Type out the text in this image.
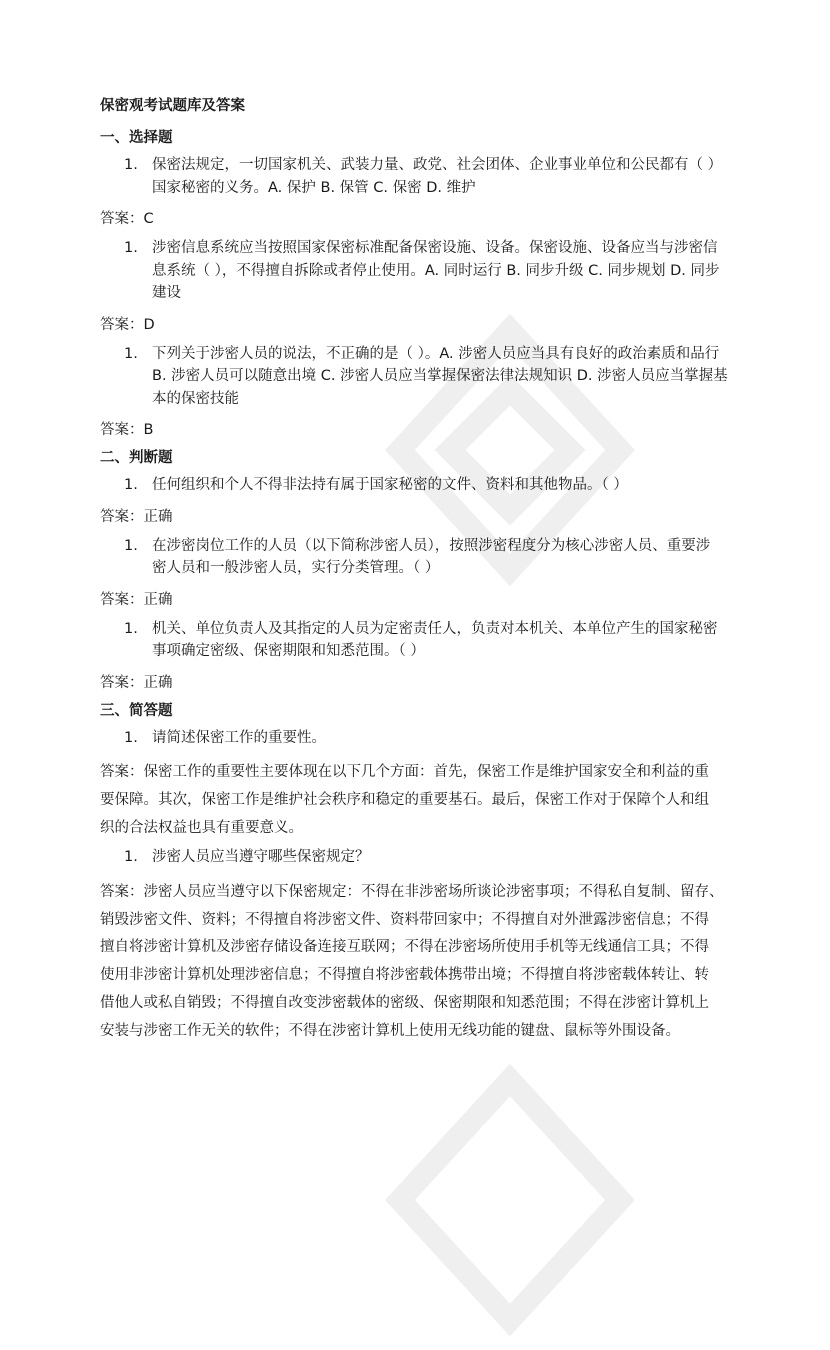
保密观考试题库及答案
一、选择题
1. 保密法规定，一切国家机关、武装力量、政党、社会团体、企业事业单位和公民都有（ ）
国家秘密的义务。A. 保护 B. 保管 C. 保密 D. 维护
答案：C
1. 涉密信息系统应当按照国家保密标准配备保密设施、设备。保密设施、设备应当与涉密信
息系统（ ），不得擅自拆除或者停止使用。A. 同时运行 B. 同步升级 C. 同步规划 D. 同步
建设
答案：D
1. 下列关于涉密人员的说法，不正确的是（ ）。A. 涉密人员应当具有良好的政治素质和品行
B. 涉密人员可以随意出境 C. 涉密人员应当掌握保密法律法规知识 D. 涉密人员应当掌握基
本的保密技能
答案：B
二、判断题
1. 任何组织和个人不得非法持有属于国家秘密的文件、资料和其他物品。（ ）
答案：正确
1. 在涉密岗位工作的人员（以下简称涉密人员），按照涉密程度分为核心涉密人员、重要涉
密人员和一般涉密人员，实行分类管理。（ ）
答案：正确
1. 机关、单位负责人及其指定的人员为定密责任人，负责对本机关、本单位产生的国家秘密
事项确定密级、保密期限和知悉范围。（ ）
答案：正确
三、简答题
1. 请简述保密工作的重要性。
答案：保密工作的重要性主要体现在以下几个方面：首先，保密工作是维护国家安全和利益的重
要保障。其次，保密工作是维护社会秩序和稳定的重要基石。最后，保密工作对于保障个人和组
织的合法权益也具有重要意义。
1. 涉密人员应当遵守哪些保密规定？
答案：涉密人员应当遵守以下保密规定：不得在非涉密场所谈论涉密事项；不得私自复制、留存、
销毁涉密文件、资料；不得擅自将涉密文件、资料带回家中；不得擅自对外泄露涉密信息；不得
擅自将涉密计算机及涉密存储设备连接互联网；不得在涉密场所使用手机等无线通信工具；不得
使用非涉密计算机处理涉密信息；不得擅自将涉密载体携带出境；不得擅自将涉密载体转让、转
借他人或私自销毁；不得擅自改变涉密载体的密级、保密期限和知悉范围；不得在涉密计算机上
安装与涉密工作无关的软件；不得在涉密计算机上使用无线功能的键盘、鼠标等外围设备。
